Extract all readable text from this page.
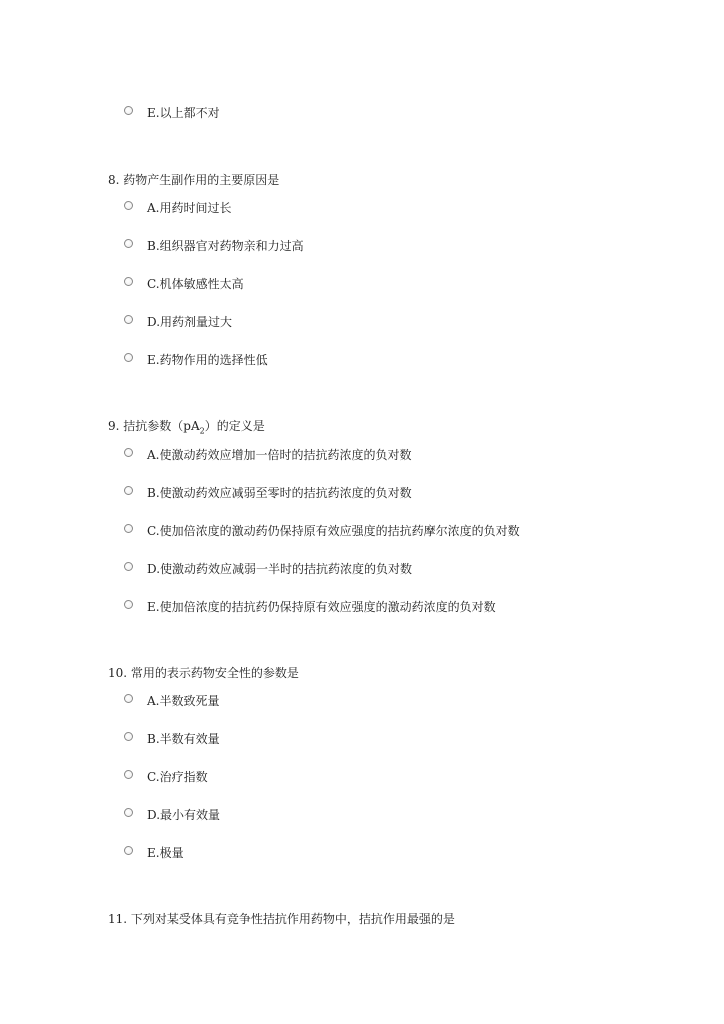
E.以上都不对
8. 药物产生副作用的主要原因是
A.用药时间过长
B.组织器官对药物亲和力过高
C.机体敏感性太高
D.用药剂量过大
E.药物作用的选择性低
9. 拮抗参数$(pA_2)$的定义是
A.使激动药效应增加一倍时的拮抗药浓度的负对数
B.使激动药效应减弱至零时的拮抗药浓度的负对数
C.使加倍浓度的激动药仍保持原有效应强度的拮抗药摩尔浓度的负对数
D.使激动药效应减弱一半时的拮抗药浓度的负对数
E.使加倍浓度的拮抗药仍保持原有效应强度的激动药浓度的负对数
10. 常用的表示药物安全性的参数是
A.半数致死量
B.半数有效量
C.治疗指数
D.最小有效量
E.极量
11. 下列对某受体具有竞争性拮抗作用药物中，拮抗作用最强的是
